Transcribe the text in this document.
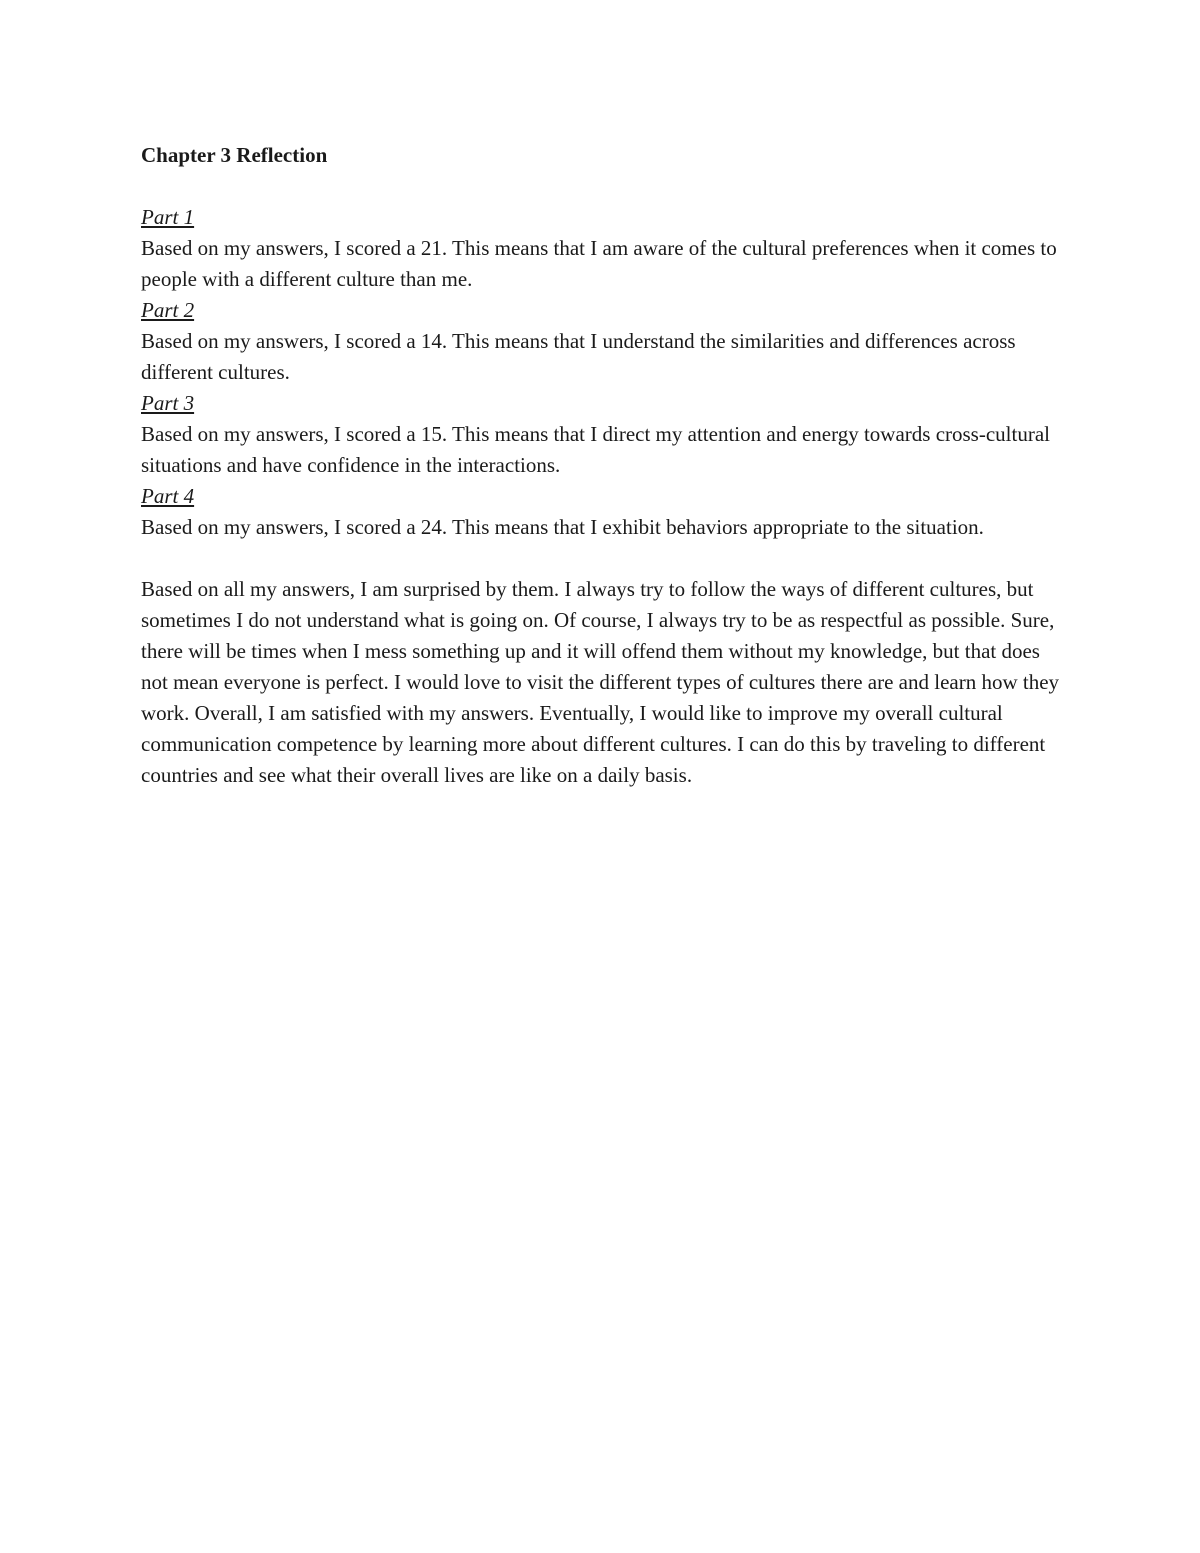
Chapter 3 Reflection

Part 1

Based on my answers, I scored a 21. This means that I am aware of the cultural preferences when it comes to people with a different culture than me.

Part 2

Based on my answers, I scored a 14. This means that I understand the similarities and differences across different cultures.

Part 3

Based on my answers, I scored a 15. This means that I direct my attention and energy towards cross-cultural situations and have confidence in the interactions.

Part 4

Based on my answers, I scored a 24. This means that I exhibit behaviors appropriate to the situation.

Based on all my answers, I am surprised by them. I always try to follow the ways of different cultures, but sometimes I do not understand what is going on. Of course, I always try to be as respectful as possible. Sure, there will be times when I mess something up and it will offend them without my knowledge, but that does not mean everyone is perfect. I would love to visit the different types of cultures there are and learn how they work. Overall, I am satisfied with my answers. Eventually, I would like to improve my overall cultural communication competence by learning more about different cultures. I can do this by traveling to different countries and see what their overall lives are like on a daily basis.
